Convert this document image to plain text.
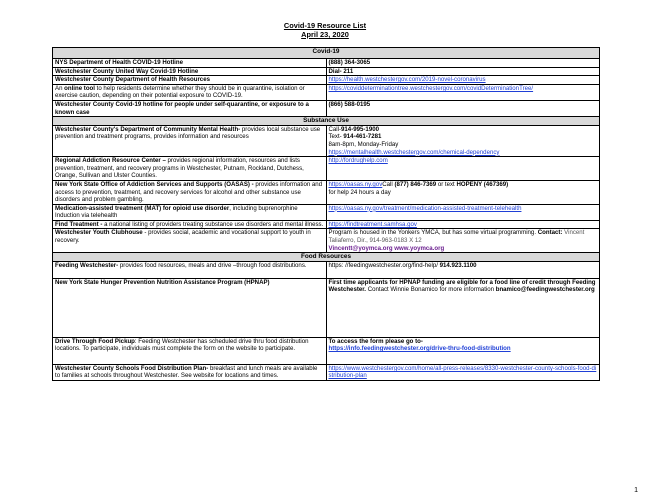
Covid-19 Resource List
April 23, 2020
Covid-19	
NYS Department of Health COVID-19 Hotline	(888) 364-3065
Westchester County United Way Covid-19 Hotline	Dial- 211
Westchester County Department of Health Resources	https://health.westchestergov.com/2019-novel-coronavirus
An online tool to help residents determine whether they should be in quarantine, isolation or exercise caution, depending on their potential exposure to COVID-19.	https://coviddeterminationtree.westchestergov.com/covidDeterminationTree/
Westchester County Covid-19 hotline for people under self-quarantine, or exposure to a known case	(866) 588-0195
Substance Use	
Westchester County's Department of Community Mental Health- provides local substance use prevention and treatment programs, provides information and resources	Call-914-995-1900
Text- 914-461-7281
8am-8pm, Monday-Friday
https://mentalhealth.westchestergov.com/chemical-dependency

Regional Addiction Resource Center – provides regional information, resources and lists prevention, treatment, and recovery programs in Westchester, Putnam, Rockland, Dutchess, Orange, Sullivan and Ulster Counties.	http://fordrughelp.com
New York State Office of Addiction Services and Supports (OASAS) - provides information and access to prevention, treatment, and recovery services for alcohol and other substance use disorders and problem gambling.	https://oasas.ny.govCall (877) 846-7369 or text HOPENY (467369)
for help 24 hours a day

Medication-assisted treatment (MAT) for opioid use disorder, including buprenorphine Induction via telehealth	https://oasas.ny.gov/treatment/medication-assisted-treatment-telehealth
Find Treatment - a national listing of providers treating substance use disorders and mental illness.	https://findtreatment.samhsa.gov
Westchester Youth Clubhouse - provides social, academic and vocational support to youth in recovery.	Program is housed in the Yonkers YMCA, but has some virtual programming. Contact: Vincent Taliaferro, Dir., 914-963-0183 X 12
Vincentt@yoymca.org www.yoymca.org

Food Resources	
Feeding Westchester- provides food resources, meals and drive –through food distributions.	https: //feedingwestchester.org/find-help/ 914.923.1100
New York State Hunger Prevention Nutrition Assistance Program (HPNAP)	First time applicants for HPNAP funding are eligible for a food line of credit through Feeding Westchester. Contact Winnie Bonamico for more information bnamico@feedingwestchester.org
Drive Through Food Pickup: Feeding Westchester has scheduled drive thru food distribution locations. To participate, individuals must complete the form on the website to participate.	To access the form please go to-
https://info.feedingwestchester.org/drive-thru-food-distribution

Westchester County Schools Food Distribution Plan- breakfast and lunch meals are available to families at schools throughout Westchester. See website for locations and times.	https://www.westchestergov.com/home/all-press-releases/8330-westchester-county-schools-food-distribution-plan
1
